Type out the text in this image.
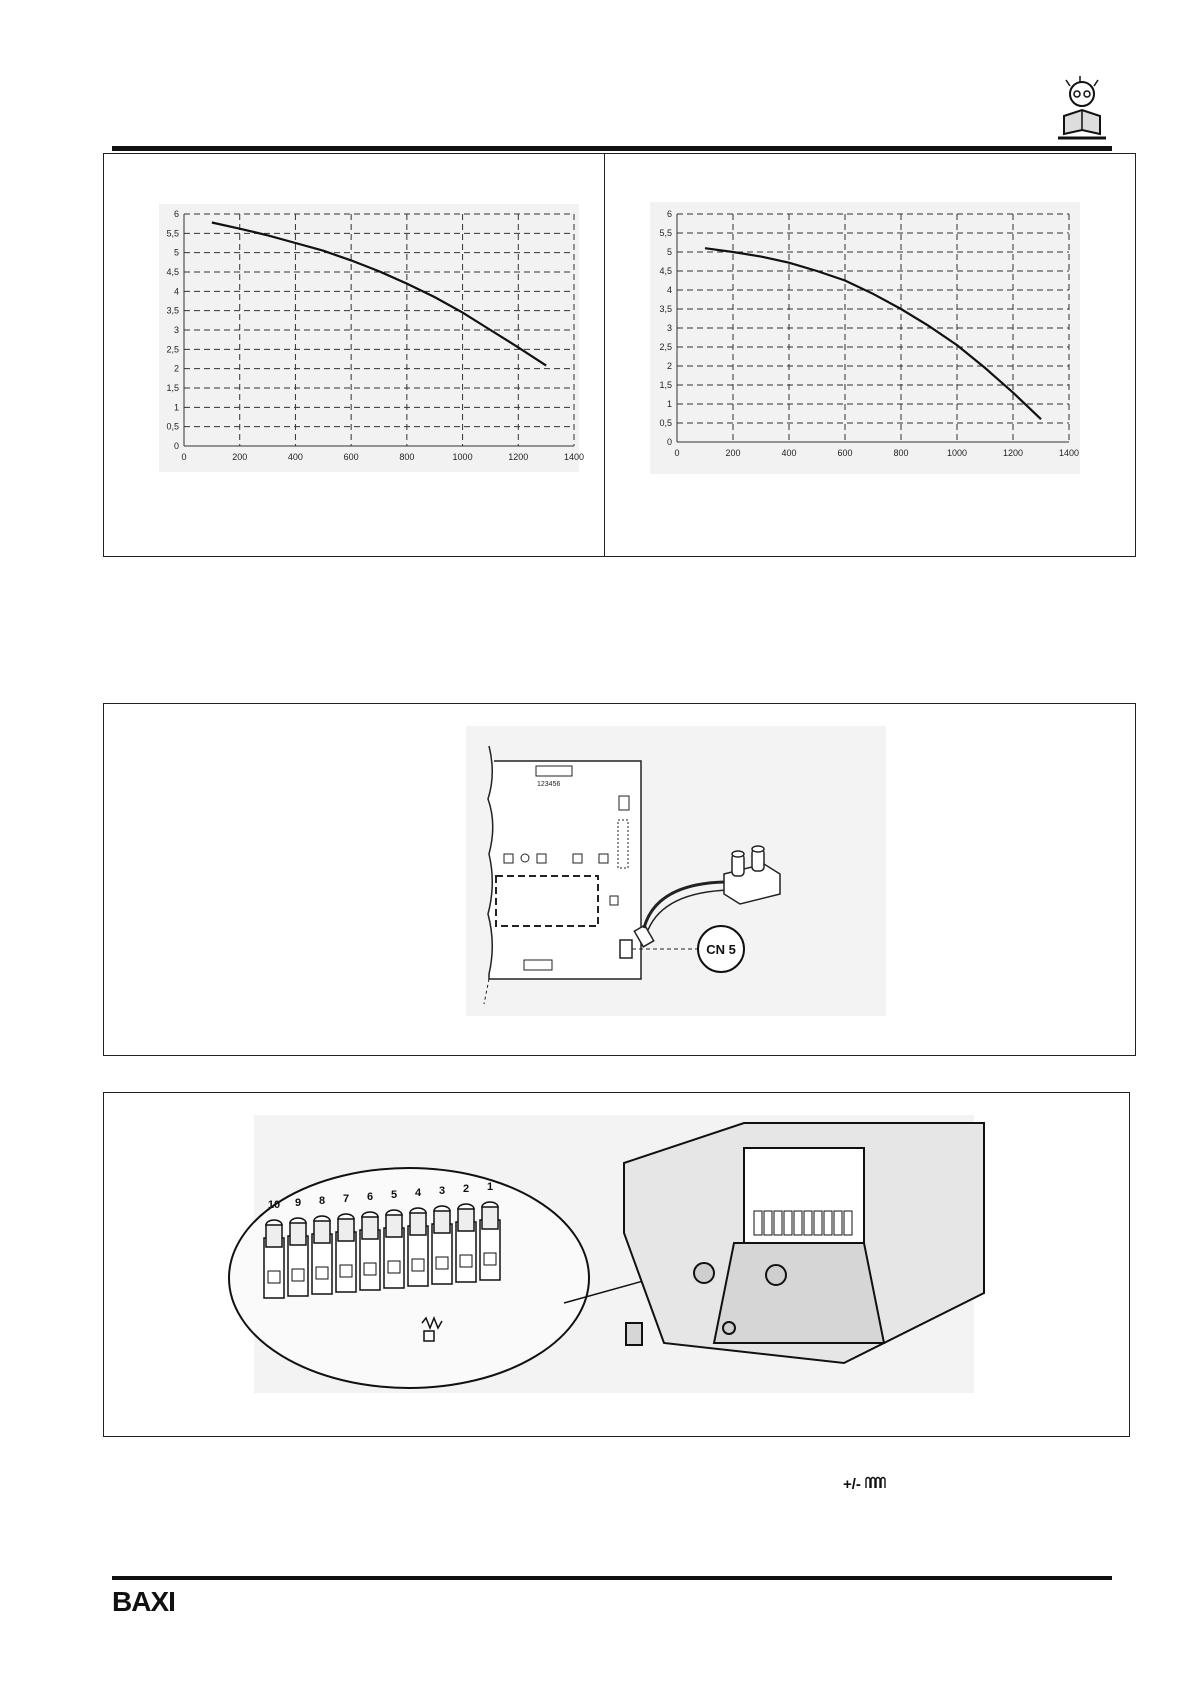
0
0,5
1
1,5
2
2,5
3
3,5
4
4,5
5
5,5
6
0	200	400	600	800	1000	1200	1400
0
0,5
1
1,5
2
2,5
3
3,5
4
4,5
5
5,5
6
0	200	400	600	800	1000	1200	1400
123456
CN 5
10 9 8 7 6 5 4 3 2 1
+/-
BAXI
